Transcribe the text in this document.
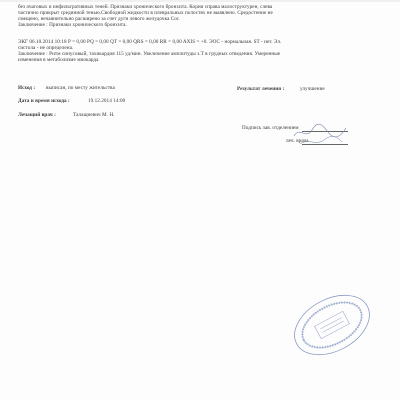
без очаговых и инфильтративных теней. Признаки хронического бронхита. Корни справа малоструктурен, слева
частично прикрыт срединной тенью.Свободной жидкости в плевральных полостях не выявлено. Средостение не
смещено, нечаянительно расширено за счет дуги левого желудочка Cor.
Заключение : Признаки хронического бронхита.
ЭКГ 06.10.2014 10:18 P = 0,00 PQ = 0,00 QT = 0,00 QRS = 0,00 RR = 0,00 AXIS = +0. ЭОС - нормальная. ST - нет. Эл.
систола - не определена.
Заключение : Ритм синусовый, тахикардия 115 уд/мин. Увеличение амплитуды з.Т в грудных отведения. Умеренные
изменения в метаболизме миокарда
Исход : выписан, по месту жительства	Результат лечения :	улучшение
Дата и время исхода :	19.12.2014 14:00
Лечащий врач :	Талащиевич М. Н.
Подпись зав. отделением
леч. врача
